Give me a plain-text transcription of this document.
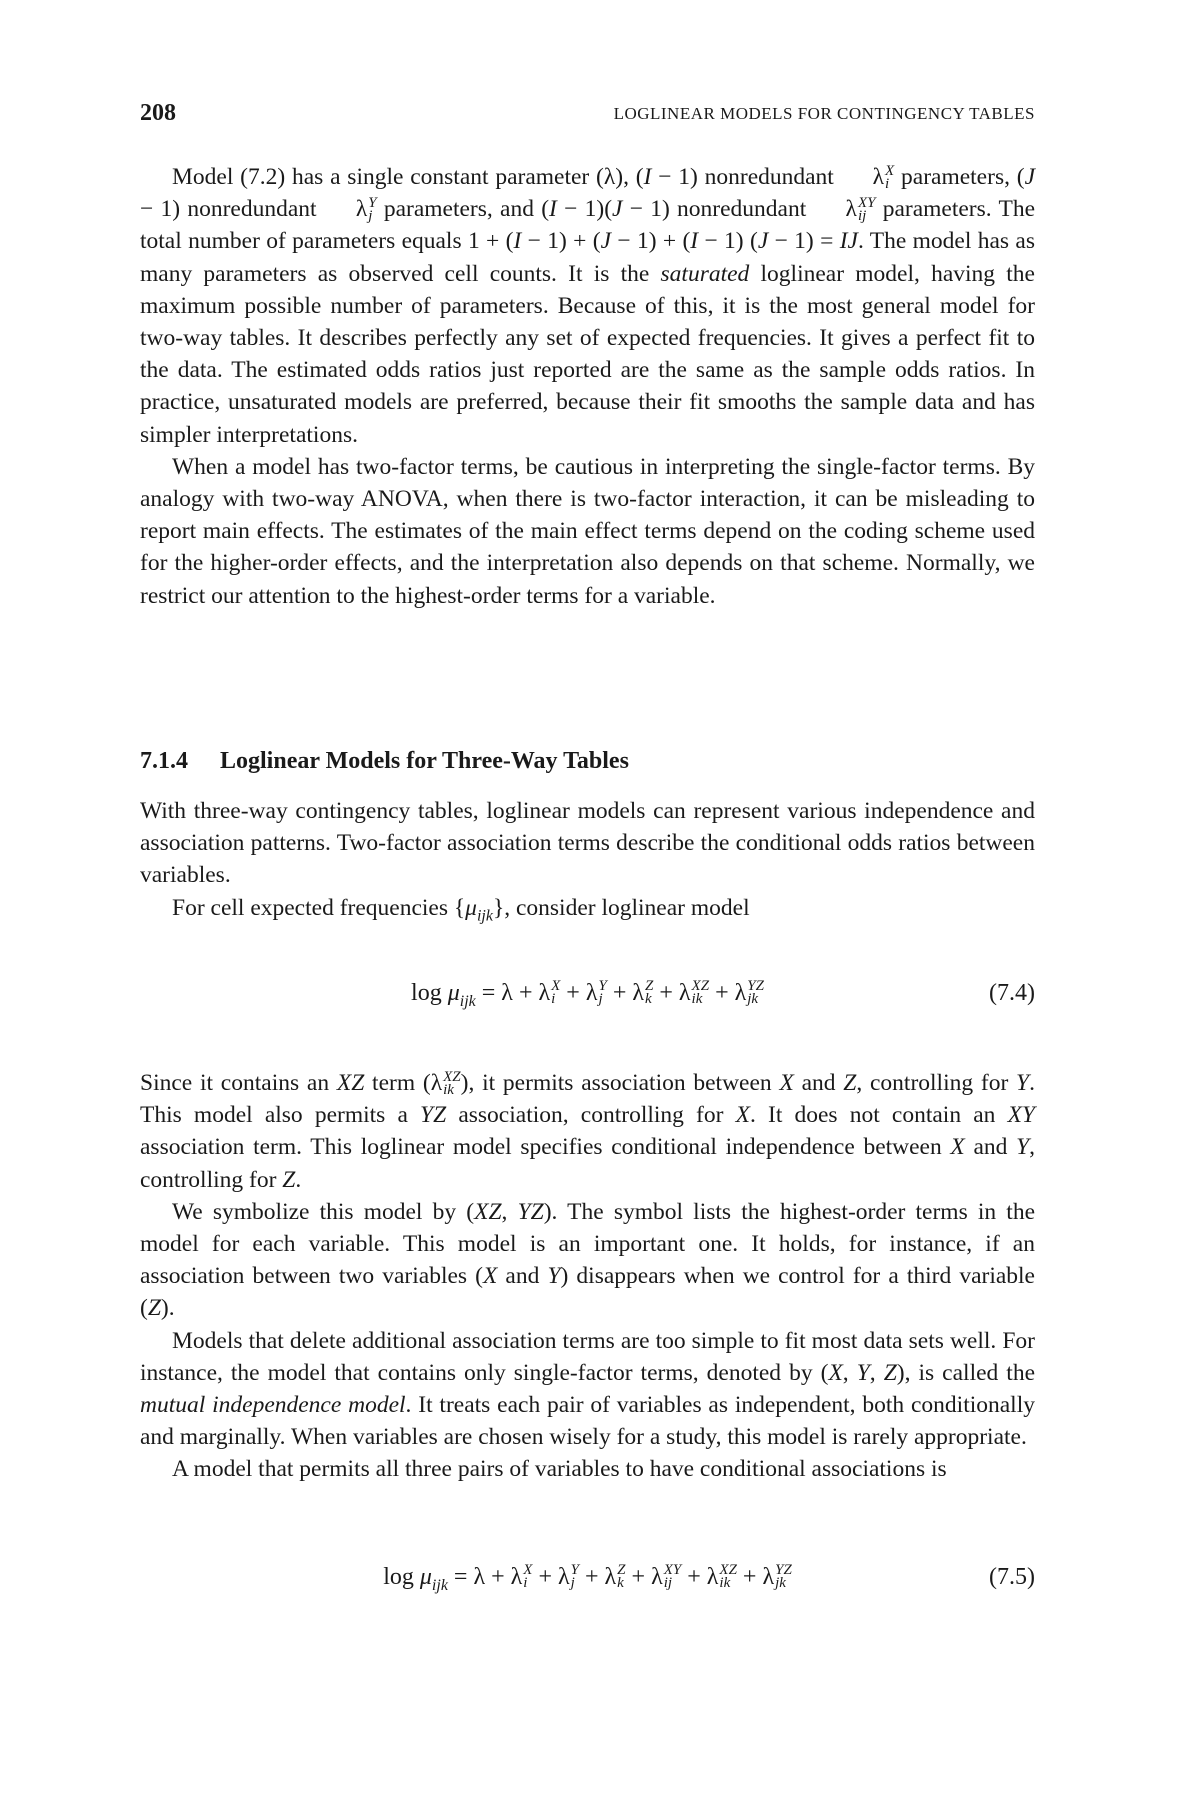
208	LOGLINEAR MODELS FOR CONTINGENCY TABLES

Model (7.2) has a single constant parameter (λ), (I − 1) nonredundant λ X
i parameters, (J − 1) nonredundant λ Y
j parameters, and (I − 1)(J − 1) nonredundant λ XY
ij parameters. The total number of parameters equals 1 + (I − 1) + (J − 1) + (I − 1) (J − 1) = IJ. The model has as many parameters as observed cell counts. It is the saturated loglinear model, having the maximum possible number of parameters. Because of this, it is the most general model for two-way tables. It describes perfectly any set of expected frequencies. It gives a perfect fit to the data. The estimated odds ratios just reported are the same as the sample odds ratios. In practice, unsaturated models are preferred, because their fit smooths the sample data and has simpler interpretations.

When a model has two-factor terms, be cautious in interpreting the single-factor terms. By analogy with two-way ANOVA, when there is two-factor interaction, it can be misleading to report main effects. The estimates of the main effect terms depend on the coding scheme used for the higher-order effects, and the interpretation also depends on that scheme. Normally, we restrict our attention to the highest-order terms for a variable.

7.1.4 Loglinear Models for Three-Way Tables

With three-way contingency tables, loglinear models can represent various independence and association patterns. Two-factor association terms describe the conditional odds ratios between variables.

For cell expected frequencies $\{\mu_{ijk}\}$, consider loglinear model

$\log \mu_{ijk} = \lambda + \lambda$ X
i + λ Y
j + λ Z
k + λ XZ
ik + λ YZ
jk	(7.4)

Since it contains an XZ term (λ XZ
ik ), it permits association between X and Z, controlling for Y. This model also permits a YZ association, controlling for X. It does not contain an XY association term. This loglinear model specifies conditional independence between X and Y, controlling for Z.

We symbolize this model by (XZ, YZ). The symbol lists the highest-order terms in the model for each variable. This model is an important one. It holds, for instance, if an association between two variables (X and Y) disappears when we control for a third variable (Z).

Models that delete additional association terms are too simple to fit most data sets well. For instance, the model that contains only single-factor terms, denoted by (X, Y, Z), is called the mutual independence model. It treats each pair of variables as independent, both conditionally and marginally. When variables are chosen wisely for a study, this model is rarely appropriate.

A model that permits all three pairs of variables to have conditional associations is

$\log \mu_{ijk} = \lambda + \lambda$ X
i + λ Y
j + λ Z
k + λ XY
ij + λ XZ
ik + λ YZ
jk	(7.5)
